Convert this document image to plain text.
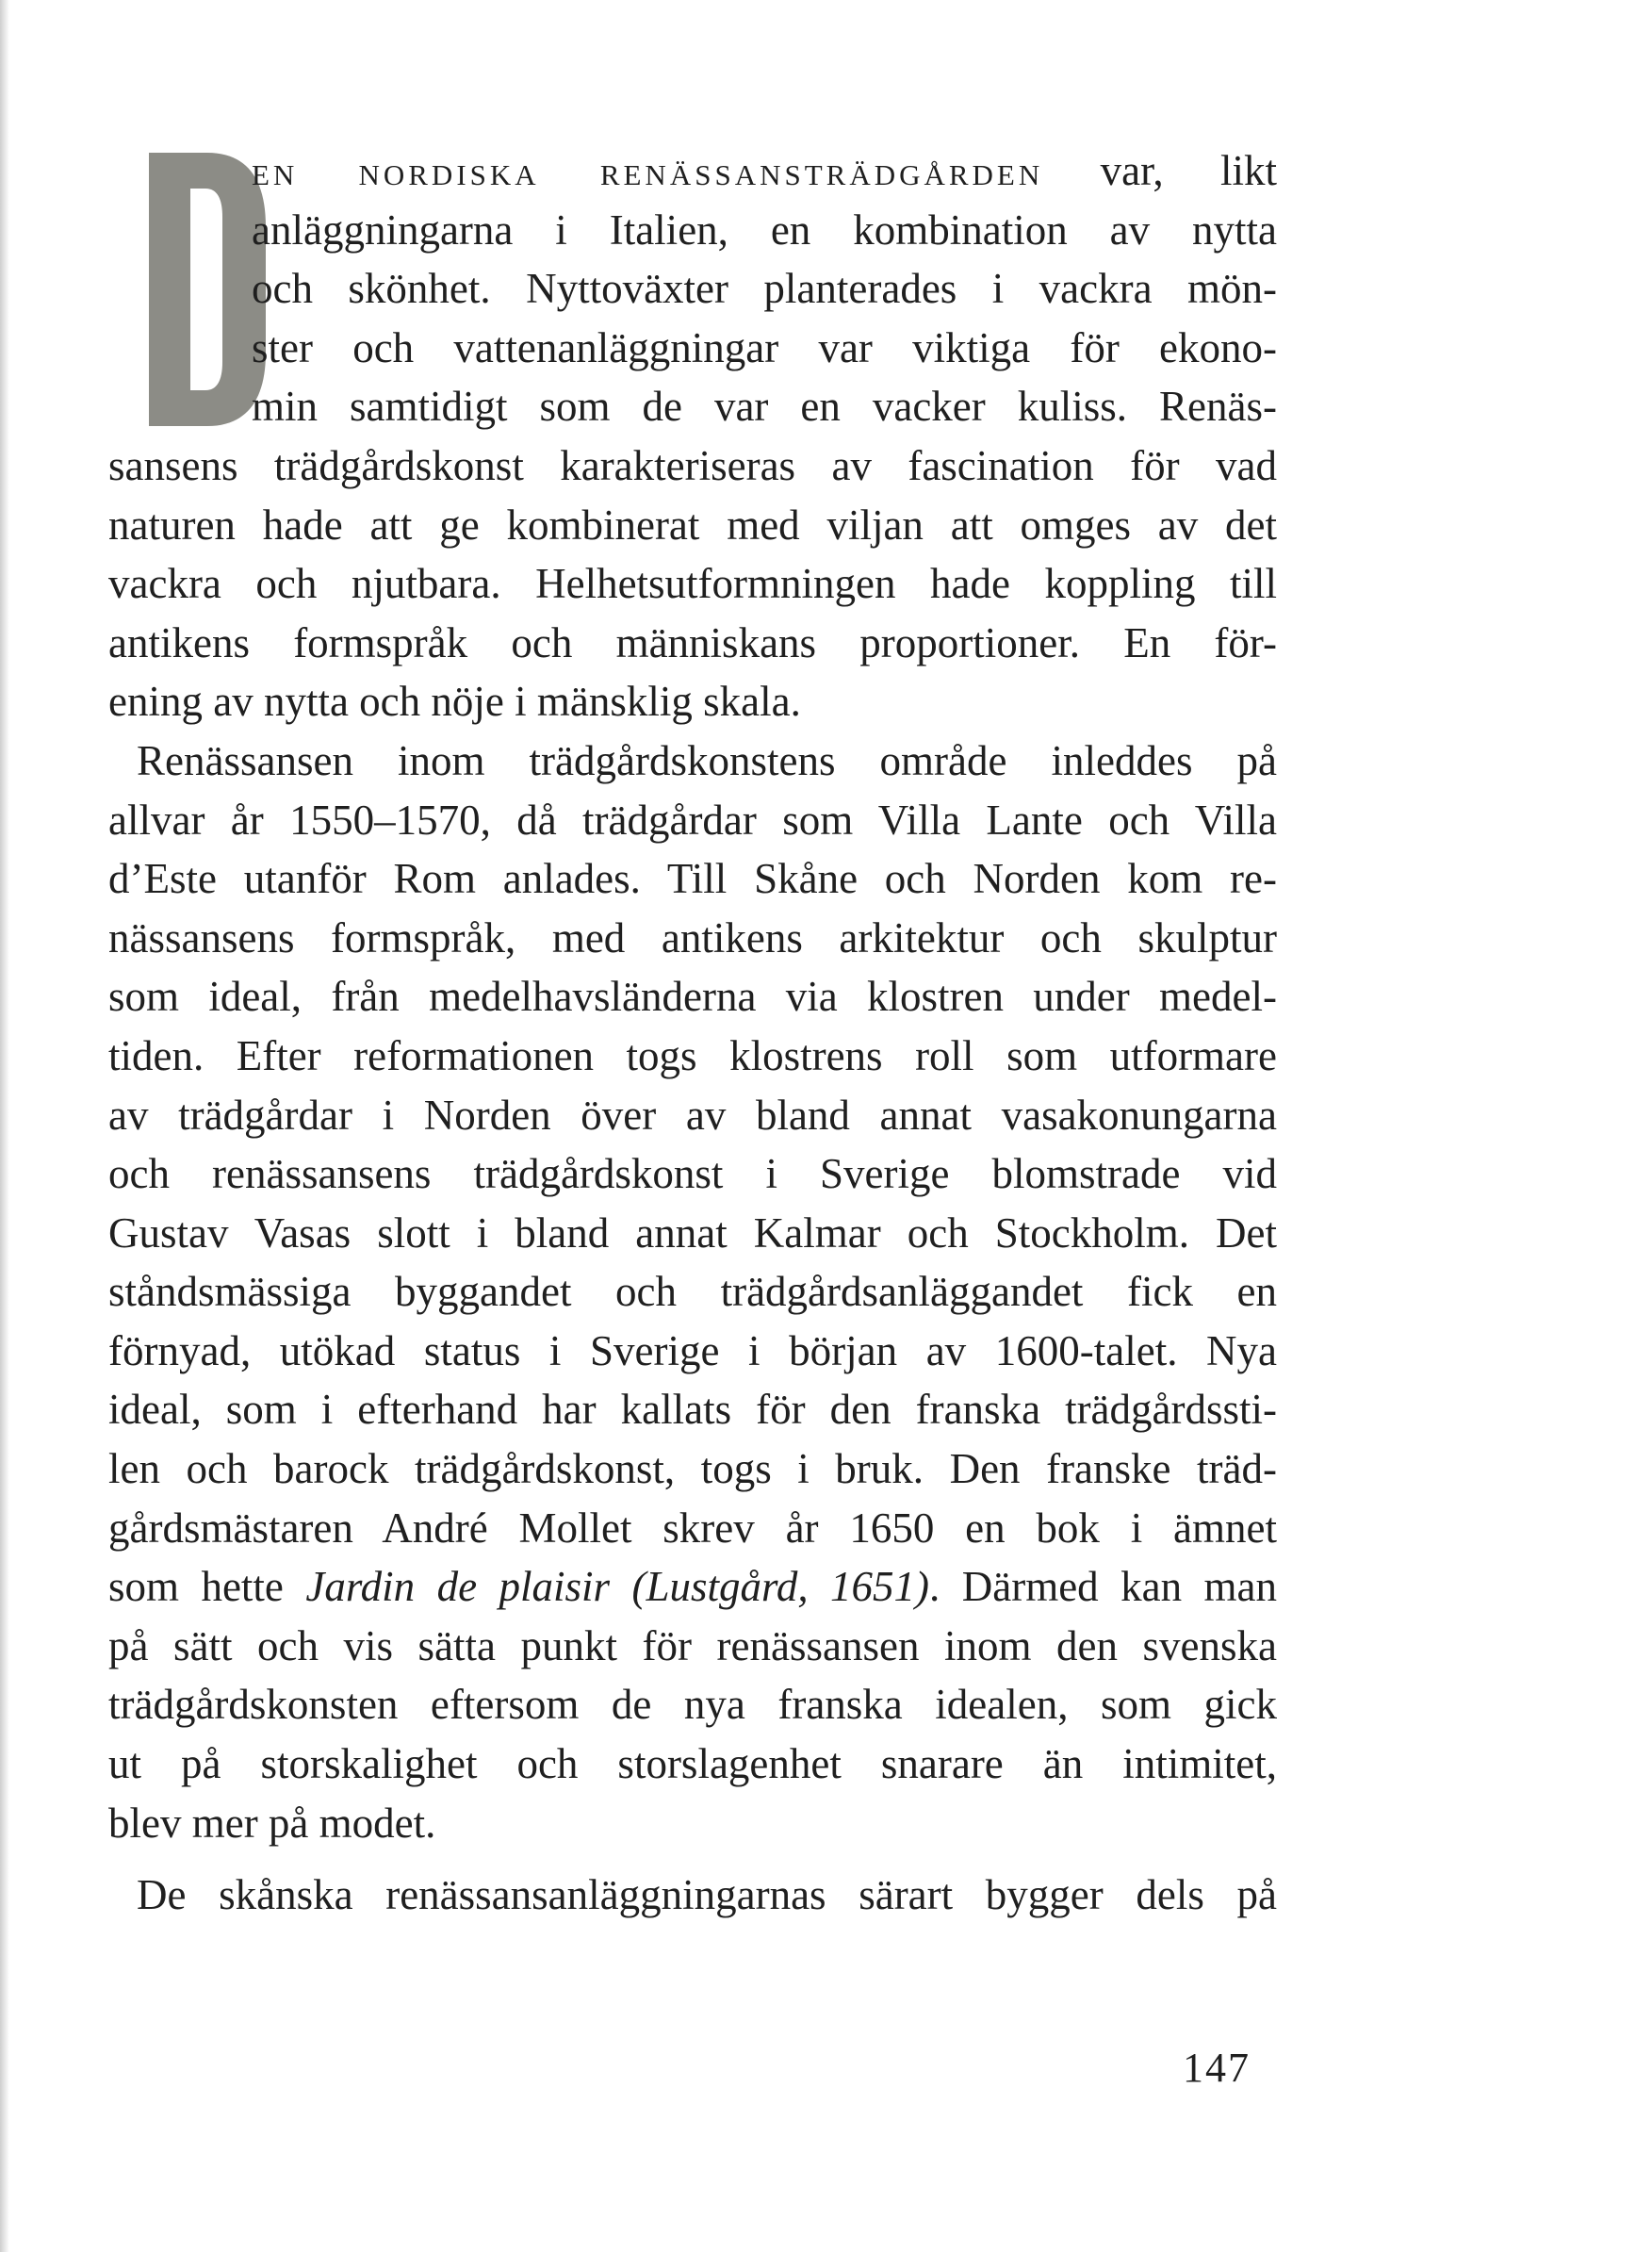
en nordiska renässansträdgården var, likt
anläggningarna i Italien, en kombination av nytta
och skönhet. Nyttoväxter planterades i vackra mön-
ster och vattenanläggningar var viktiga för ekono-
min samtidigt som de var en vacker kuliss. Renäs-
sansens trädgårdskonst karakteriseras av fascination för vad
naturen hade att ge kombinerat med viljan att omges av det
vackra och njutbara. Helhetsutformningen hade koppling till
antikens formspråk och människans proportioner. En för-
ening av nytta och nöje i mänsklig skala.
Renässansen inom trädgårdskonstens område inleddes på
allvar år 1550–1570, då trädgårdar som Villa Lante och Villa
d’Este utanför Rom anlades. Till Skåne och Norden kom re-
nässansens formspråk, med antikens arkitektur och skulptur
som ideal, från medelhavsländerna via klostren under medel-
tiden. Efter reformationen togs klostrens roll som utformare
av trädgårdar i Norden över av bland annat vasakonungarna
och renässansens trädgårdskonst i Sverige blomstrade vid
Gustav Vasas slott i bland annat Kalmar och Stockholm. Det
ståndsmässiga byggandet och trädgårdsanläggandet fick en
förnyad, utökad status i Sverige i början av 1600-talet. Nya
ideal, som i efterhand har kallats för den franska trädgårdssti-
len och barock trädgårdskonst, togs i bruk. Den franske träd-
gårdsmästaren André Mollet skrev år 1650 en bok i ämnet
som hette Jardin de plaisir (Lustgård, 1651). Därmed kan man
på sätt och vis sätta punkt för renässansen inom den svenska
trädgårdskonsten eftersom de nya franska idealen, som gick
ut på storskalighet och storslagenhet snarare än intimitet,
blev mer på modet.
De skånska renässansanläggningarnas särart bygger dels på
147
